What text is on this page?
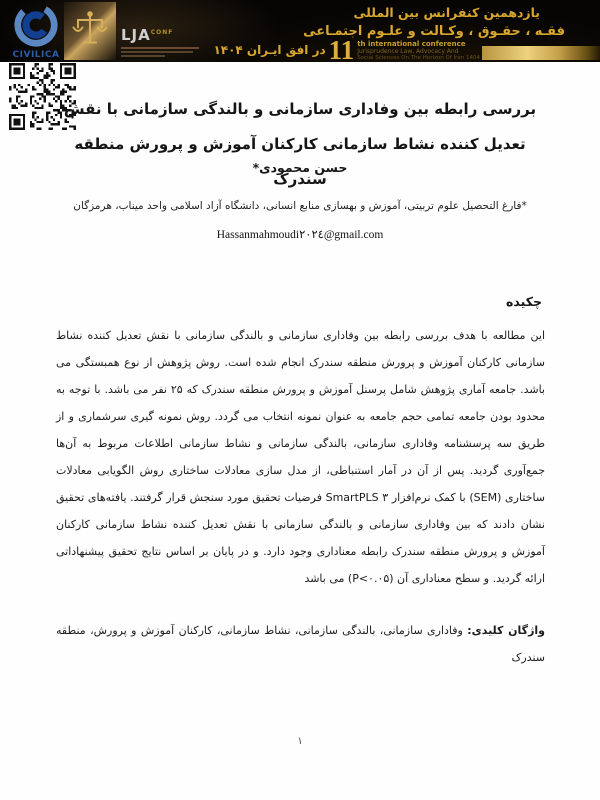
یازدهمین کنفرانس بین المللی
فقـه ، حقـوق ، وکـالت و علـوم اجتمـاعی
در افق ایـران ۱۴۰۴ 11 th international conference
Jurisprudence Law, Advocacy And
Social Sciences On The Horizon Of Iran 1404
CIVILICA
$LJA^{CONF}$
بررسی رابطه بین وفاداری سازمانی و بالندگی سازمانی با نقش تعدیل کننده نشاط سازمانی کارکنان آموزش و پرورش منطقه سندرک
حسن محمودی*
*فارغ التحصیل علوم تربیتی، آموزش و بهسازی منابع انسانی، دانشگاه آزاد اسلامی واحد میناب، هرمزگان
Hassanmahmoudi٢٠٢٤@gmail.com
چکیده

این مطالعه با هدف بررسی رابطه بین وفاداری سازمانی و بالندگی سازمانی با نقش تعدیل کننده نشاط سازمانی کارکنان آموزش و پرورش منطقه سندرک انجام شده است. روش پژوهش از نوع همبستگی می باشد. جامعه آماری پژوهش شامل پرسنل آموزش و پرورش منطقه سندرک که ۲۵ نفر می باشد. با توجه به محدود بودن جامعه تمامی حجم جامعه به عنوان نمونه انتخاب می گردد. روش نمونه گیری سرشماری و از طریق سه پرسشنامه وفاداری سازمانی، بالندگی سازمانی و نشاط سازمانی اطلاعات مربوط به آن‌ها جمع‌آوری گردید. پس از آن در آمار استنباطی، از مدل سازی معادلات ساختاری روش الگویابی معادلات ساختاری (SEM) با کمک نرم‌افزار ۳ SmartPLS فرضیات تحقیق مورد سنجش قرار گرفتند. یافته‌های تحقیق نشان دادند که بین وفاداری سازمانی و بالندگی سازمانی با نقش تعدیل کننده نشاط سازمانی کارکنان آموزش و پرورش منطقه سندرک رابطه معناداری وجود دارد. و در پایان بر اساس نتایج تحقیق پیشنهاداتی ارائه گردید. و سطح معناداری آن ‪(P<۰.۰۵)‬ می باشد

واژگان کلیدی: وفاداری سازمانی، بالندگی سازمانی، نشاط سازمانی، کارکنان آموزش و پرورش، منطقه سندرک

۱
